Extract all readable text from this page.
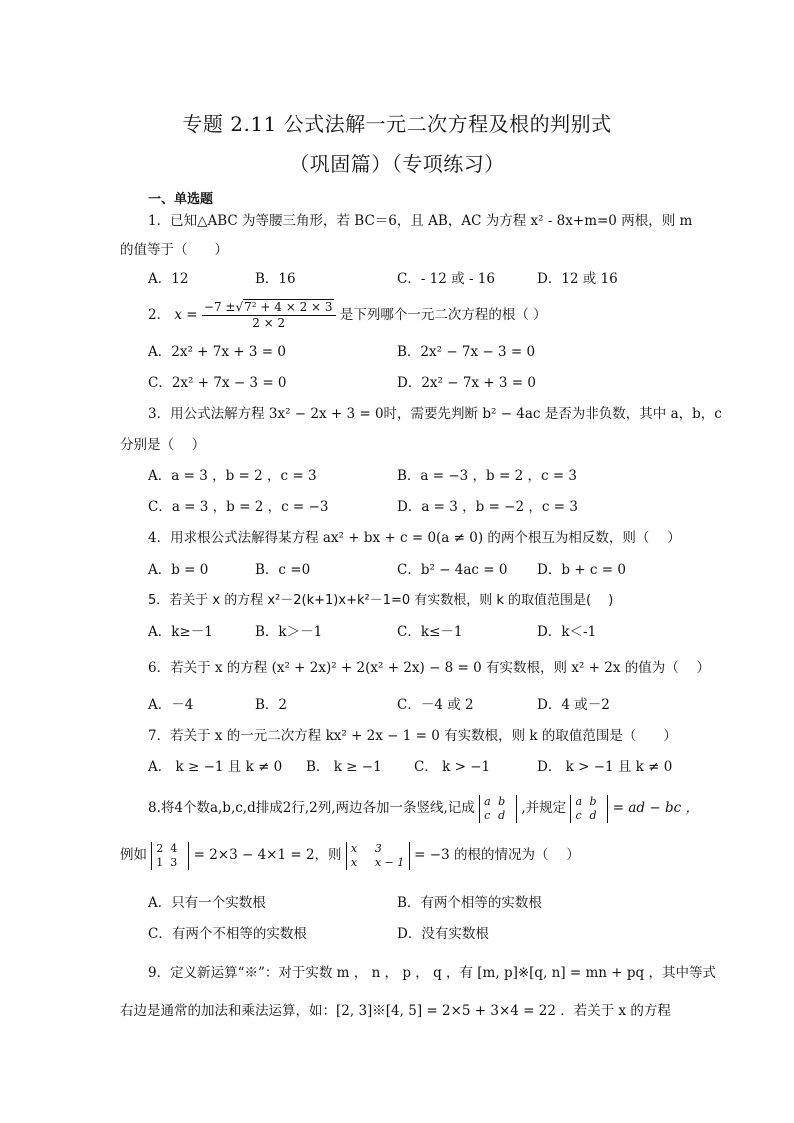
专题 2.11 公式法解一元二次方程及根的判别式
（巩固篇）（专项练习）
一、单选题
1．已知△ABC 为等腰三角形，若 BC＝6，且 AB，AC 为方程 x² - 8x+m=0 两根，则 m
的值等于（　　）
A．12	B．16	C．- 12 或 - 16	D．12 或 16
2． $x = \frac{\text{−7 ±√7² + 4 × 2 × 3}}{2 \times 2}$ 是下列哪个一元二次方程的根（ ）
A．2x² + 7x + 3 = 0	B．2x² − 7x − 3 = 0
C．2x² + 7x − 3 = 0	D．2x² − 7x + 3 = 0
3．用公式法解方程 3x² − 2x + 3 = 0时，需要先判断 b² − 4ac 是否为非负数，其中 a，b，c
分别是（　 ）
A．a = 3 ，b = 2 ，c = 3	B．a = −3 ，b = 2 ，c = 3
C．a = 3 ，b = 2 ，c = −3	D．a = 3 ，b = −2 ，c = 3
4．用求根公式法解得某方程 ax² + bx + c = 0(a ≠ 0) 的两个根互为相反数，则（　 ）
A．b = 0	B．c =0	C．b² − 4ac = 0 D．b + c = 0
5．若关于 x 的方程 x²－2(k+1)x+k²－1=0 有实数根，则 k 的取值范围是(　 )
A．k≥－1	B．k＞－1	C．k≤－1	D．k＜-1
6．若关于 x 的方程 (x² + 2x)² + 2(x² + 2x) − 8 = 0 有实数根，则 x² + 2x 的值为（　 ）
A．－4	B．2	C．－4 或 2	D．4 或－2
7．若关于 x 的一元二次方程 kx² + 2x − 1 = 0 有实数根，则 k 的取值范围是（　　）
A． k ≥ −1 且 k ≠ 0 B． k ≥ −1 C． k > −1	D． k > −1 且 k ≠ 0
8.将4个数a,b,c,d排成2行,2列,两边各加一条竖线,记成 a b
c d ,并规定 a b
c d = ad − bc ，
例如 2 4
1 3 = 2×3 − 4×1 = 2，则 x 3
x x − 1 = −3 的根的情况为（　 ）
A．只有一个实数根	B．有两个相等的实数根
C．有两个不相等的实数根	D．没有实数根
9．定义新运算“※”：对于实数 m ， n ， p ， q ，有 [m, p]※[q, n] = mn + pq ，其中等式
右边是通常的加法和乘法运算，如：[2, 3]※[4, 5] = 2×5 + 3×4 = 22 ．若关于 x 的方程
